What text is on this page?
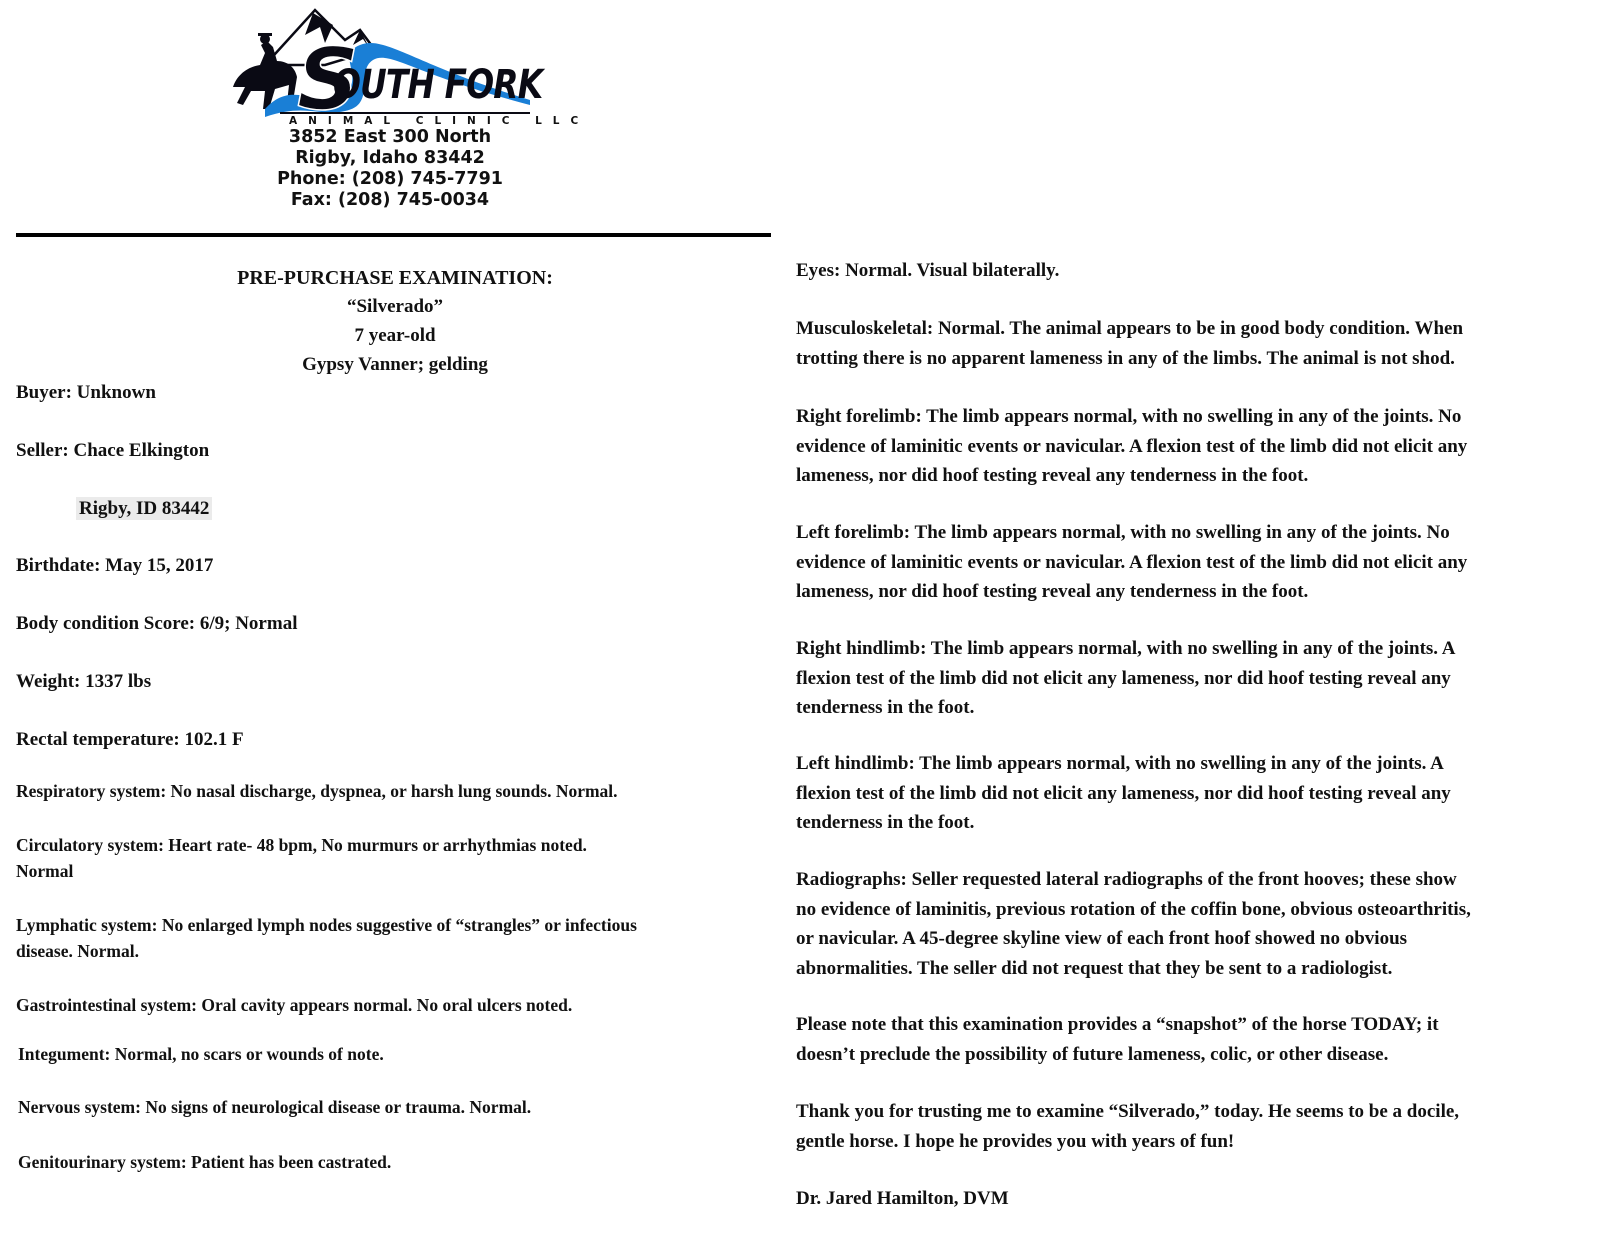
S
OUTH FORK
ANIMAL CLINIC LLC
3852 East 300 North
Rigby, Idaho 83442
Phone: (208) 745-7791
Fax: (208) 745-0034
PRE-PURCHASE EXAMINATION:
“Silverado”
7 year-old
Gypsy Vanner; gelding
Buyer: Unknown
Seller: Chace Elkington
Rigby, ID 83442
Birthdate: May 15, 2017
Body condition Score: 6/9; Normal
Weight: 1337 lbs
Rectal temperature: 102.1 F
Respiratory system: No nasal discharge, dyspnea, or harsh lung sounds. Normal.
Circulatory system: Heart rate- 48 bpm, No murmurs or arrhythmias noted.
Normal
Lymphatic system: No enlarged lymph nodes suggestive of “strangles” or infectious
disease. Normal.
Gastrointestinal system: Oral cavity appears normal. No oral ulcers noted.
Integument: Normal, no scars or wounds of note.
Nervous system: No signs of neurological disease or trauma. Normal.
Genitourinary system: Patient has been castrated.
Eyes: Normal. Visual bilaterally.
Musculoskeletal: Normal. The animal appears to be in good body condition. When
trotting there is no apparent lameness in any of the limbs. The animal is not shod.
Right forelimb: The limb appears normal, with no swelling in any of the joints. No
evidence of laminitic events or navicular. A flexion test of the limb did not elicit any
lameness, nor did hoof testing reveal any tenderness in the foot.
Left forelimb: The limb appears normal, with no swelling in any of the joints. No
evidence of laminitic events or navicular. A flexion test of the limb did not elicit any
lameness, nor did hoof testing reveal any tenderness in the foot.
Right hindlimb: The limb appears normal, with no swelling in any of the joints. A
flexion test of the limb did not elicit any lameness, nor did hoof testing reveal any
tenderness in the foot.
Left hindlimb: The limb appears normal, with no swelling in any of the joints. A
flexion test of the limb did not elicit any lameness, nor did hoof testing reveal any
tenderness in the foot.
Radiographs: Seller requested lateral radiographs of the front hooves; these show
no evidence of laminitis, previous rotation of the coffin bone, obvious osteoarthritis,
or navicular. A 45-degree skyline view of each front hoof showed no obvious
abnormalities. The seller did not request that they be sent to a radiologist.
Please note that this examination provides a “snapshot” of the horse TODAY; it
doesn’t preclude the possibility of future lameness, colic, or other disease.
Thank you for trusting me to examine “Silverado,” today. He seems to be a docile,
gentle horse. I hope he provides you with years of fun!
Dr. Jared Hamilton, DVM
